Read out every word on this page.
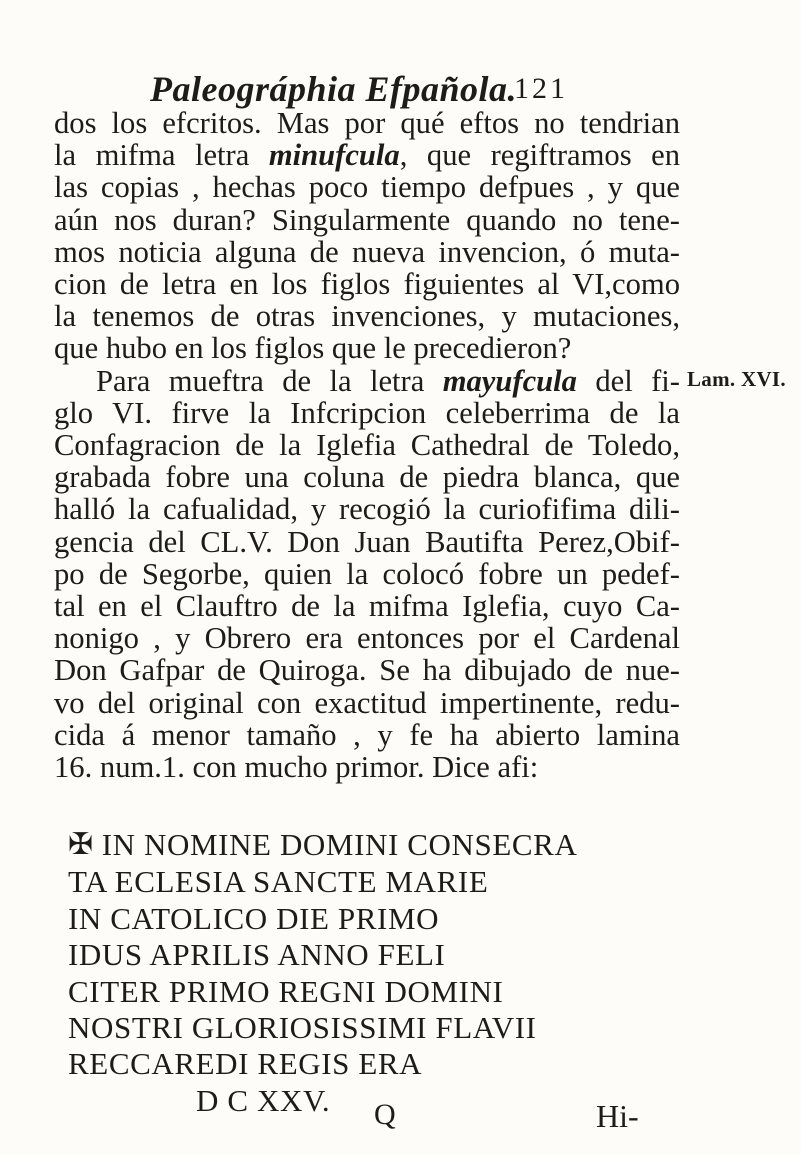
Paleográphia Efpañola.
121
dos los efcritos. Mas por qué eftos no tendrian
la mifma letra minufcula, que regiftramos en
las copias , hechas poco tiempo defpues , y que
aún nos duran? Singularmente quando no tene-
mos noticia alguna de nueva invencion, ó muta-
cion de letra en los figlos figuientes al VI,como
la tenemos de otras invenciones, y mutaciones,
que hubo en los figlos que le precedieron?
Para mueftra de la letra mayufcula del fi-
glo VI. firve la Infcripcion celeberrima de la
Confagracion de la Iglefia Cathedral de Toledo,
grabada fobre una coluna de piedra blanca, que
halló la cafualidad, y recogió la curiofifima dili-
gencia del CL.V. Don Juan Bautifta Perez,Obif-
po de Segorbe, quien la colocó fobre un pedef-
tal en el Clauftro de la mifma Iglefia, cuyo Ca-
nonigo , y Obrero era entonces por el Cardenal
Don Gafpar de Quiroga. Se ha dibujado de nue-
vo del original con exactitud impertinente, redu-
cida á menor tamaño , y fe ha abierto lamina
16. num.1. con mucho primor. Dice afi:
Lam. XVI.
✠ IN NOMINE DOMINI CONSECRA
TA ECLESIA SANCTE MARIE
IN CATOLICO DIE PRIMO
IDUS APRILIS ANNO FELI
CITER PRIMO REGNI DOMINI
NOSTRI GLORIOSISSIMI FLAVII
RECCAREDI REGIS ERA
D C XXV.	Q	Hi-
